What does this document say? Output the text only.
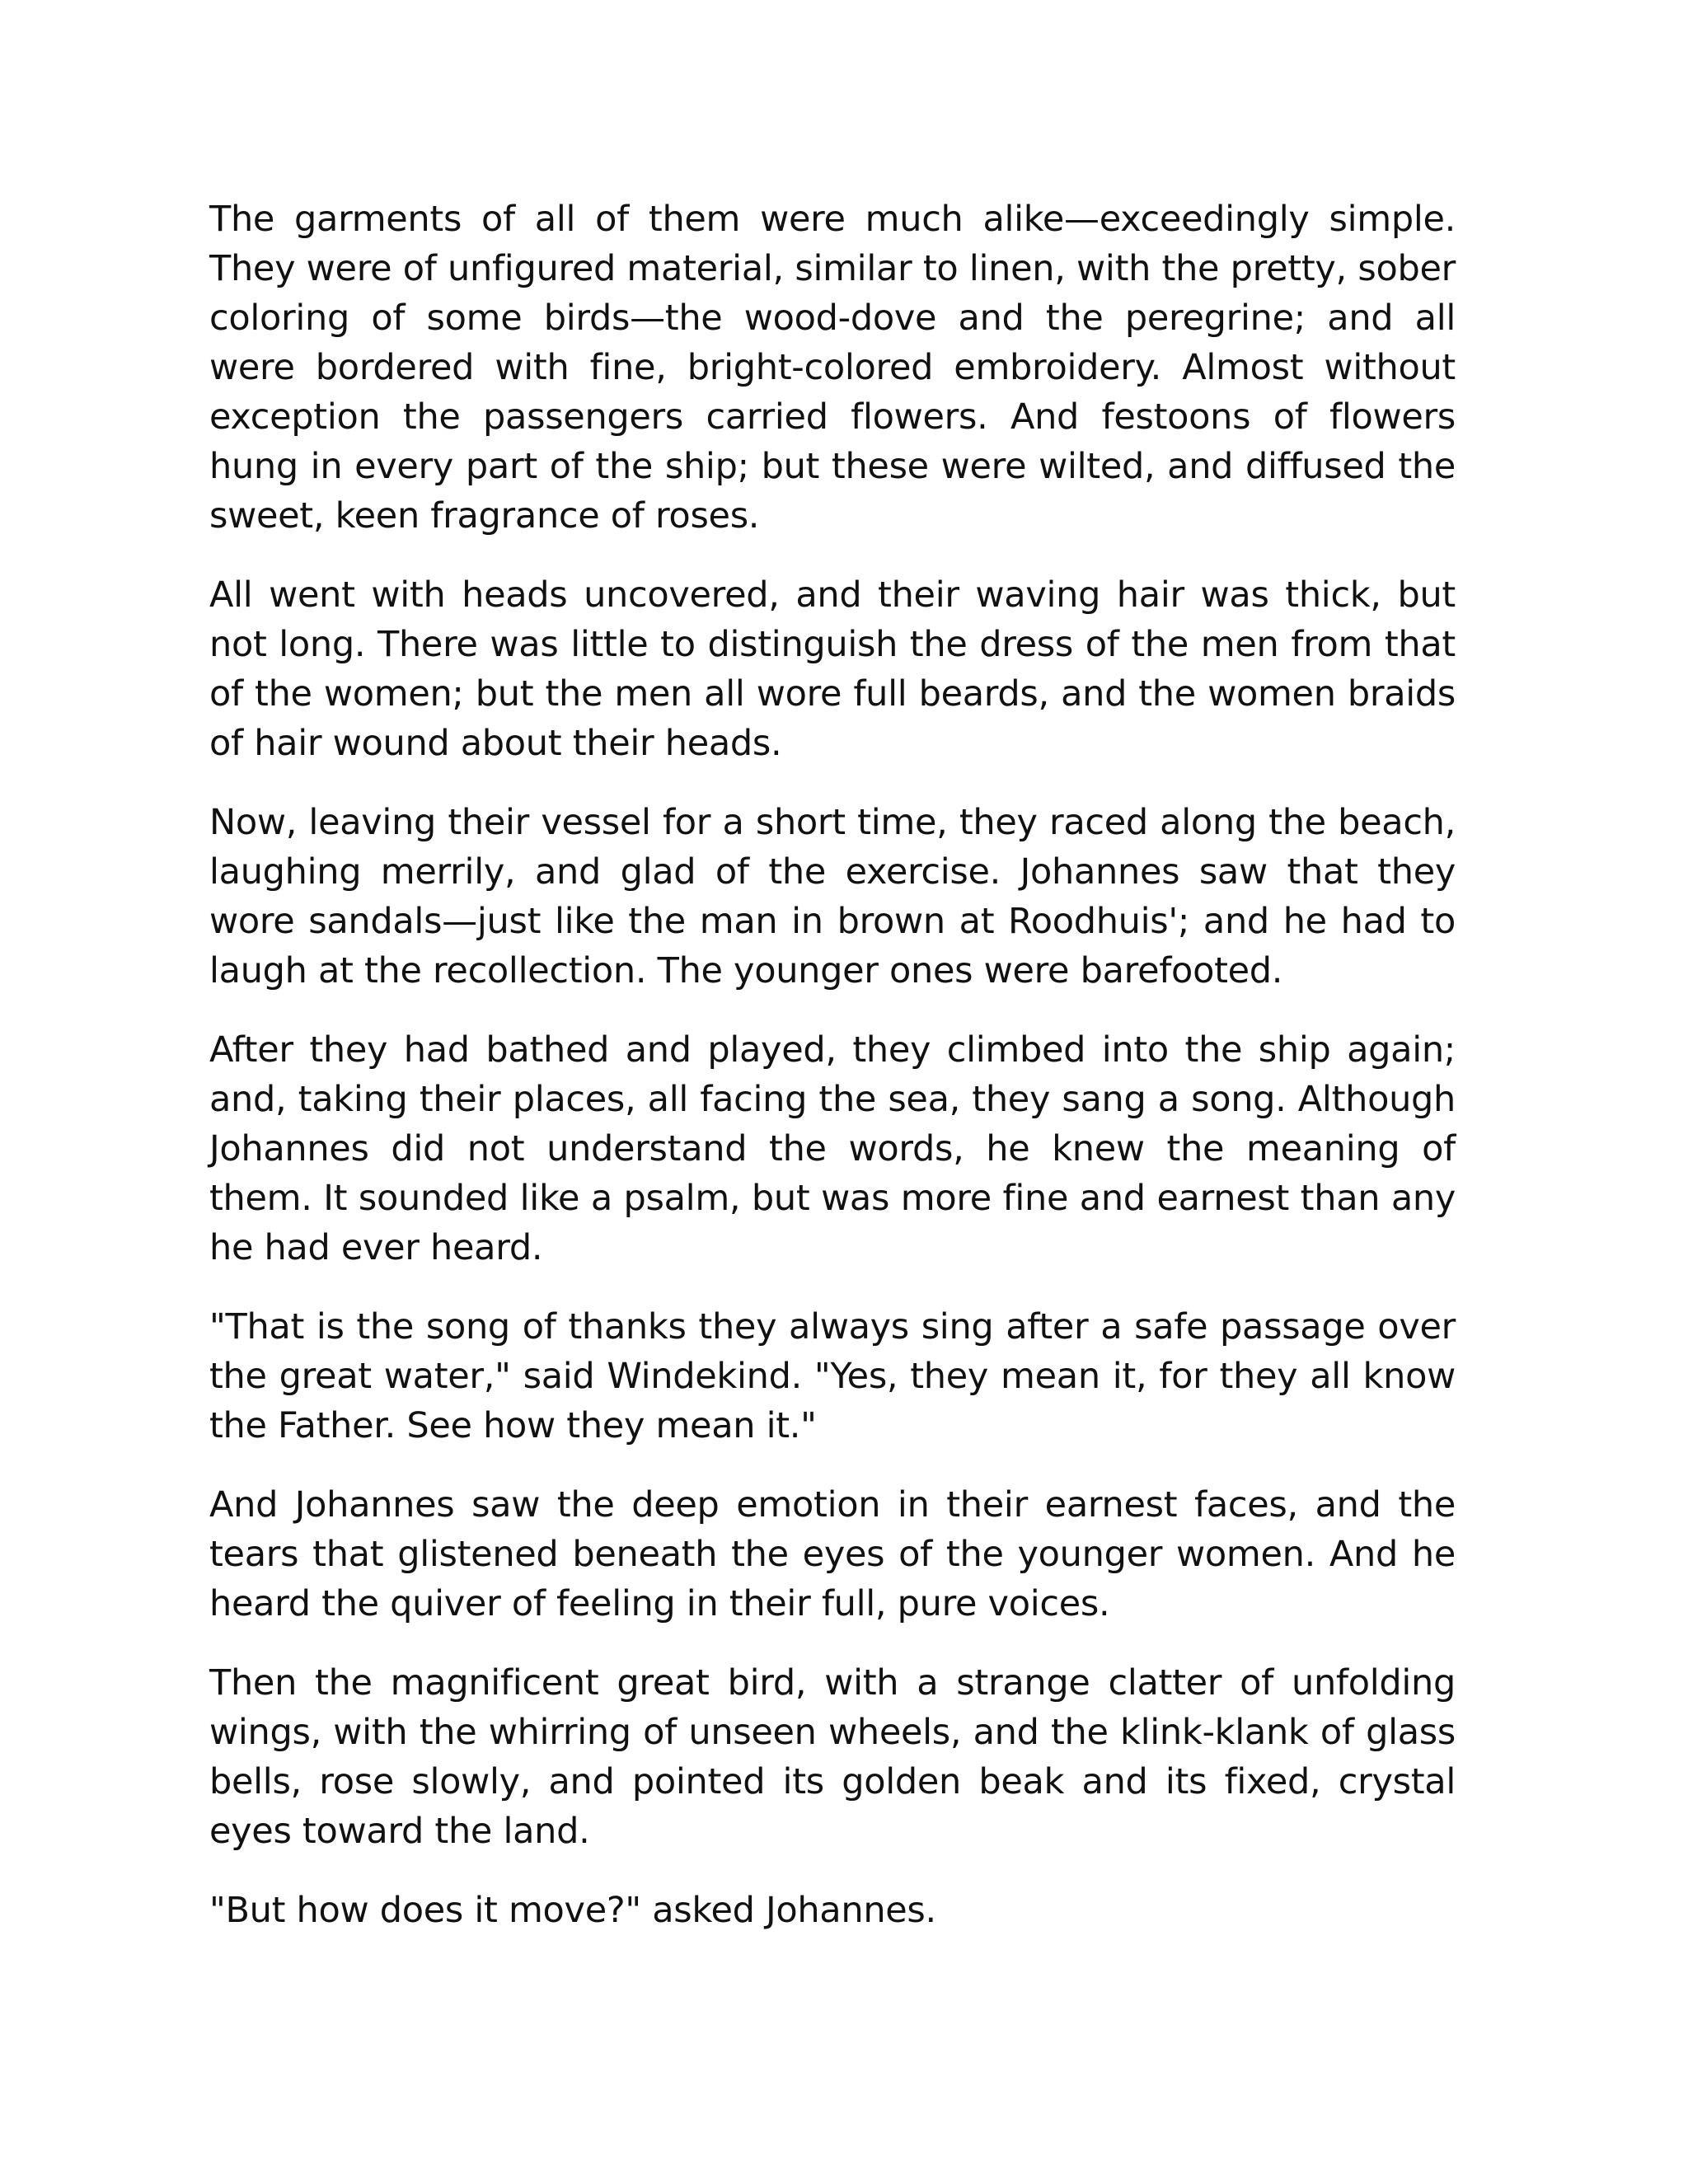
The garments of all of them were much alike—exceedingly simple. They were of unfigured material, similar to linen, with the pretty, sober coloring of some birds—the wood-dove and the peregrine; and all were bordered with fine, bright-colored embroidery. Almost without exception the passengers carried flowers. And festoons of flowers hung in every part of the ship; but these were wilted, and diffused the sweet, keen fragrance of roses.

All went with heads uncovered, and their waving hair was thick, but not long. There was little to distinguish the dress of the men from that of the women; but the men all wore full beards, and the women braids of hair wound about their heads.

Now, leaving their vessel for a short time, they raced along the beach, laughing merrily, and glad of the exercise. Johannes saw that they wore sandals—just like the man in brown at Roodhuis'; and he had to laugh at the recollection. The younger ones were barefooted.

After they had bathed and played, they climbed into the ship again; and, taking their places, all facing the sea, they sang a song. Although Johannes did not understand the words, he knew the meaning of them. It sounded like a psalm, but was more fine and earnest than any he had ever heard.

"That is the song of thanks they always sing after a safe passage over the great water," said Windekind. "Yes, they mean it, for they all know the Father. See how they mean it."

And Johannes saw the deep emotion in their earnest faces, and the tears that glistened beneath the eyes of the younger women. And he heard the quiver of feeling in their full, pure voices.

Then the magnificent great bird, with a strange clatter of unfolding wings, with the whirring of unseen wheels, and the klink-klank of glass bells, rose slowly, and pointed its golden beak and its fixed, crystal eyes toward the land.

"But how does it move?" asked Johannes.
